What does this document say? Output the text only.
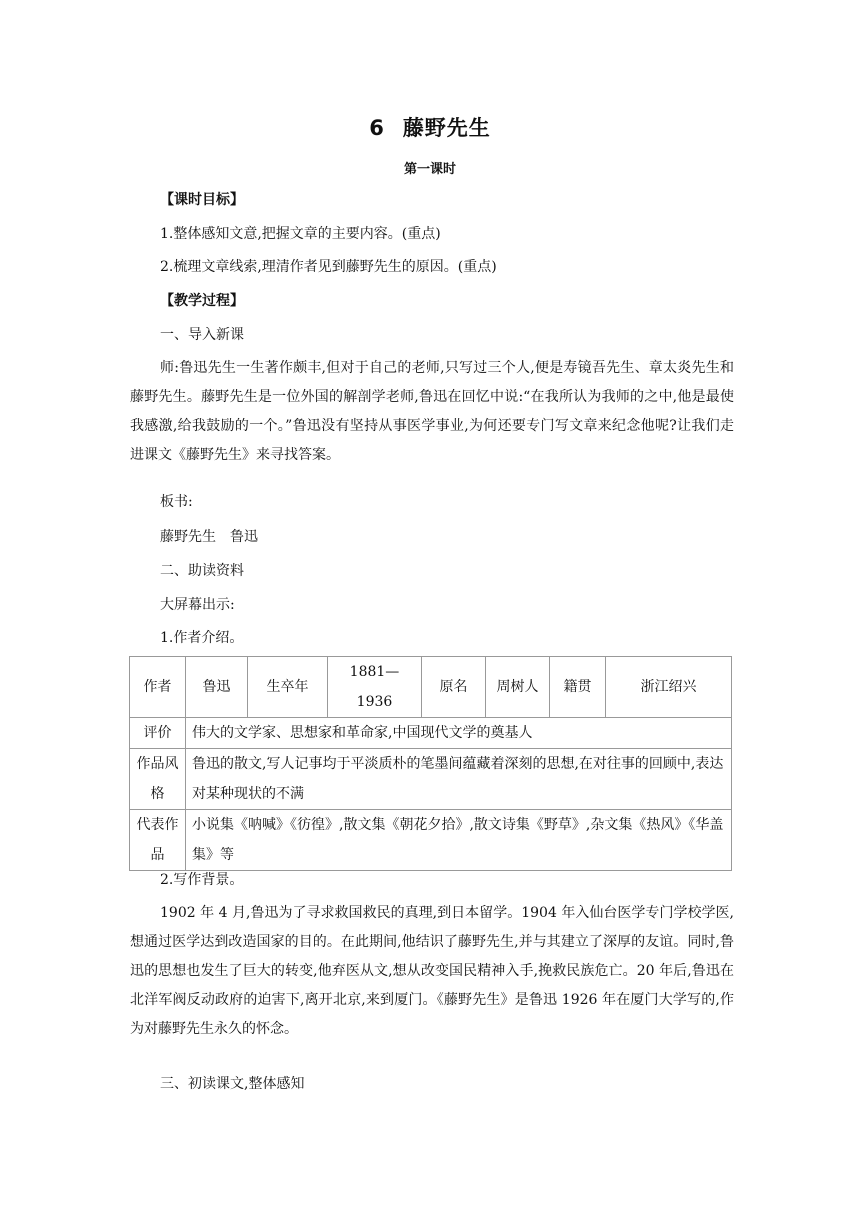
6 藤野先生
第一课时
【课时目标】
1.整体感知文意,把握文章的主要内容。(重点)
2.梳理文章线索,理清作者见到藤野先生的原因。(重点)
【教学过程】
一、导入新课
师:鲁迅先生一生著作颇丰,但对于自己的老师,只写过三个人,便是寿镜吾先生、章太炎先生和藤野先生。藤野先生是一位外国的解剖学老师,鲁迅在回忆中说:“在我所认为我师的之中,他是最使我感激,给我鼓励的一个。”鲁迅没有坚持从事医学事业,为何还要专门写文章来纪念他呢?让我们走进课文《藤野先生》来寻找答案。
板书:
藤野先生　鲁迅
二、助读资料
大屏幕出示:
1.作者介绍。
作者	鲁迅	生卒年	1881—1936	原名	周树人	籍贯	浙江绍兴
评价	伟大的文学家、思想家和革命家,中国现代文学的奠基人						
作品风格	鲁迅的散文,写人记事均于平淡质朴的笔墨间蕴藏着深刻的思想,在对往事的回顾中,表达对某种现状的不满						
代表作品	小说集《呐喊》《彷徨》,散文集《朝花夕拾》,散文诗集《野草》,杂文集《热风》《华盖集》等						
2.写作背景。
1902 年 4 月,鲁迅为了寻求救国救民的真理,到日本留学。1904 年入仙台医学专门学校学医,想通过医学达到改造国家的目的。在此期间,他结识了藤野先生,并与其建立了深厚的友谊。同时,鲁迅的思想也发生了巨大的转变,他弃医从文,想从改变国民精神入手,挽救民族危亡。20 年后,鲁迅在北洋军阀反动政府的迫害下,离开北京,来到厦门。《藤野先生》是鲁迅 1926 年在厦门大学写的,作为对藤野先生永久的怀念。
三、初读课文,整体感知
